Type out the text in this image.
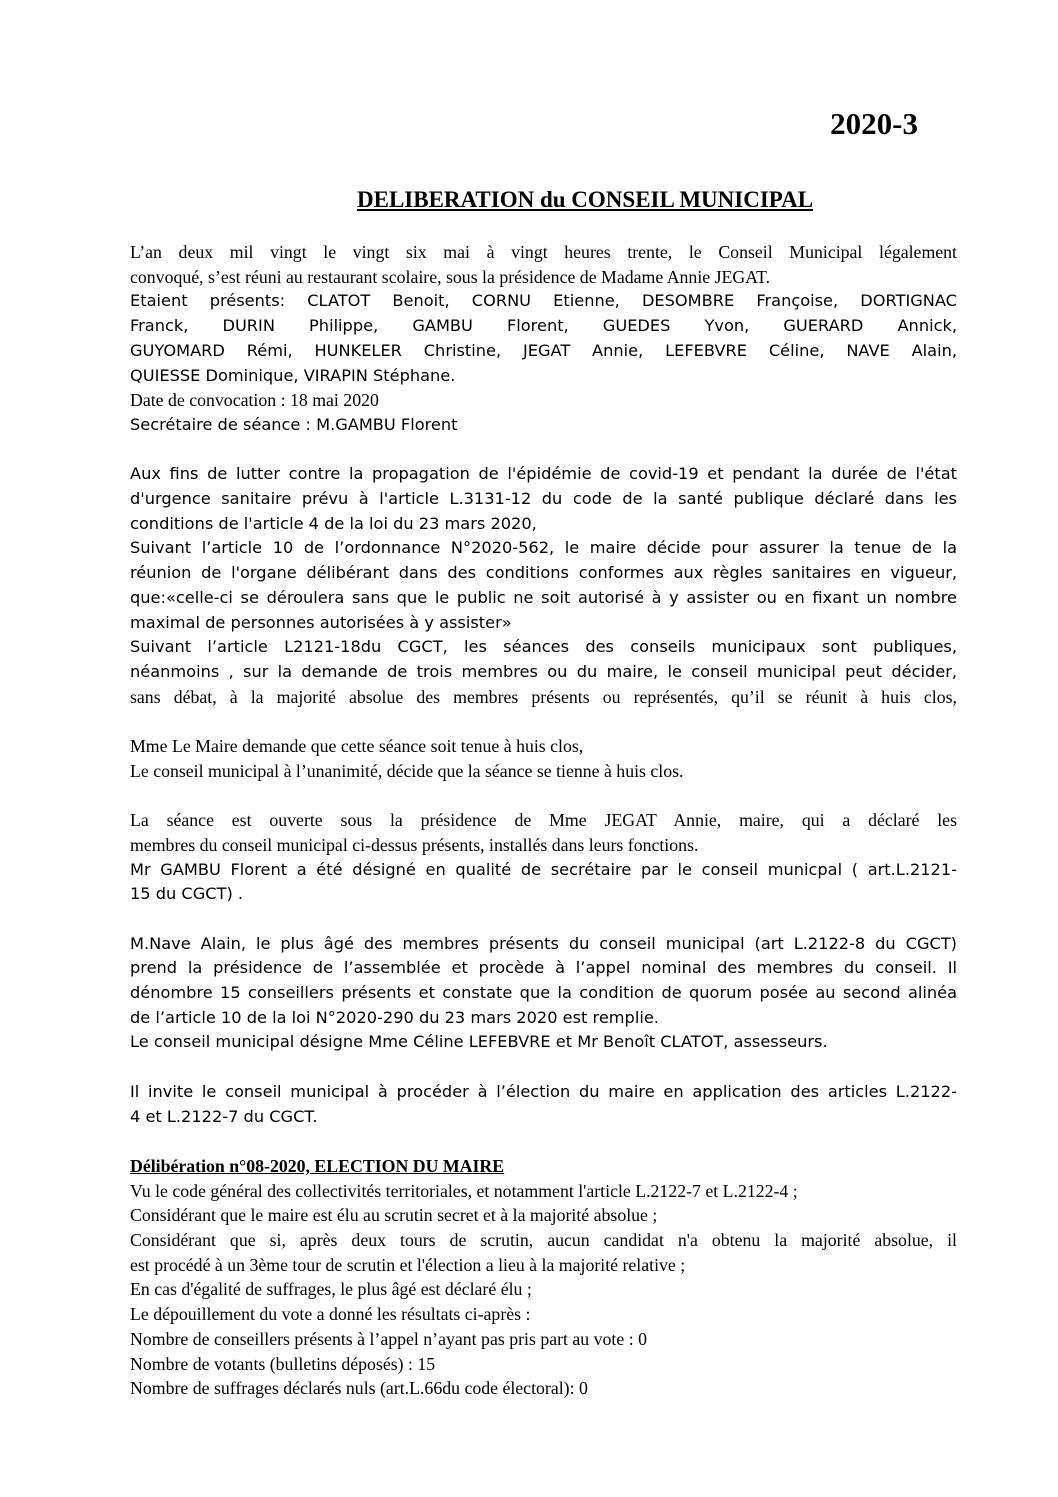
2020-3
DELIBERATION du CONSEIL MUNICIPAL
L’an deux mil vingt le vingt six mai à vingt heures trente, le Conseil Municipal légalement
convoqué, s’est réuni au restaurant scolaire, sous la présidence de Madame Annie JEGAT.
Etaient présents: CLATOT Benoit, CORNU Etienne, DESOMBRE Françoise, DORTIGNAC
Franck, DURIN Philippe, GAMBU Florent, GUEDES Yvon, GUERARD Annick,
GUYOMARD Rémi, HUNKELER Christine, JEGAT Annie, LEFEBVRE Céline, NAVE Alain,
QUIESSE Dominique, VIRAPIN Stéphane.
Date de convocation : 18 mai 2020
Secrétaire de séance : M.GAMBU Florent
Aux fins de lutter contre la propagation de l'épidémie de covid-19 et pendant la durée de l'état
d'urgence sanitaire prévu à l'article L.3131-12 du code de la santé publique déclaré dans les
conditions de l'article 4 de la loi du 23 mars 2020,
Suivant l’article 10 de l’ordonnance N°2020-562, le maire décide pour assurer la tenue de la
réunion de l'organe délibérant dans des conditions conformes aux règles sanitaires en vigueur,
que:«celle-ci se déroulera sans que le public ne soit autorisé à y assister ou en fixant un nombre
maximal de personnes autorisées à y assister»
Suivant l’article L2121-18du CGCT, les séances des conseils municipaux sont publiques,
néanmoins , sur la demande de trois membres ou du maire, le conseil municipal peut décider,
sans débat, à la majorité absolue des membres présents ou représentés, qu’il se réunit à huis clos,
Mme Le Maire demande que cette séance soit tenue à huis clos,
Le conseil municipal à l’unanimité, décide que la séance se tienne à huis clos.
La séance est ouverte sous la présidence de Mme JEGAT Annie, maire, qui a déclaré les
membres du conseil municipal ci-dessus présents, installés dans leurs fonctions.
Mr GAMBU Florent a été désigné en qualité de secrétaire par le conseil municpal ( art.L.2121-
15 du CGCT) .
M.Nave Alain, le plus âgé des membres présents du conseil municipal (art L.2122-8 du CGCT)
prend la présidence de l’assemblée et procède à l’appel nominal des membres du conseil. Il
dénombre 15 conseillers présents et constate que la condition de quorum posée au second alinéa
de l’article 10 de la loi N°2020-290 du 23 mars 2020 est remplie.
Le conseil municipal désigne Mme Céline LEFEBVRE et Mr Benoît CLATOT, assesseurs.
Il invite le conseil municipal à procéder à l’élection du maire en application des articles L.2122-
4 et L.2122-7 du CGCT.
Délibération n°08-2020, ELECTION DU MAIRE
Vu le code général des collectivités territoriales, et notamment l'article L.2122-7 et L.2122-4 ;
Considérant que le maire est élu au scrutin secret et à la majorité absolue ;
Considérant que si, après deux tours de scrutin, aucun candidat n'a obtenu la majorité absolue, il
est procédé à un 3ème tour de scrutin et l'élection a lieu à la majorité relative ;
En cas d'égalité de suffrages, le plus âgé est déclaré élu ;
Le dépouillement du vote a donné les résultats ci-après :
Nombre de conseillers présents à l’appel n’ayant pas pris part au vote : 0
Nombre de votants (bulletins déposés) : 15
Nombre de suffrages déclarés nuls (art.L.66du code électoral): 0
